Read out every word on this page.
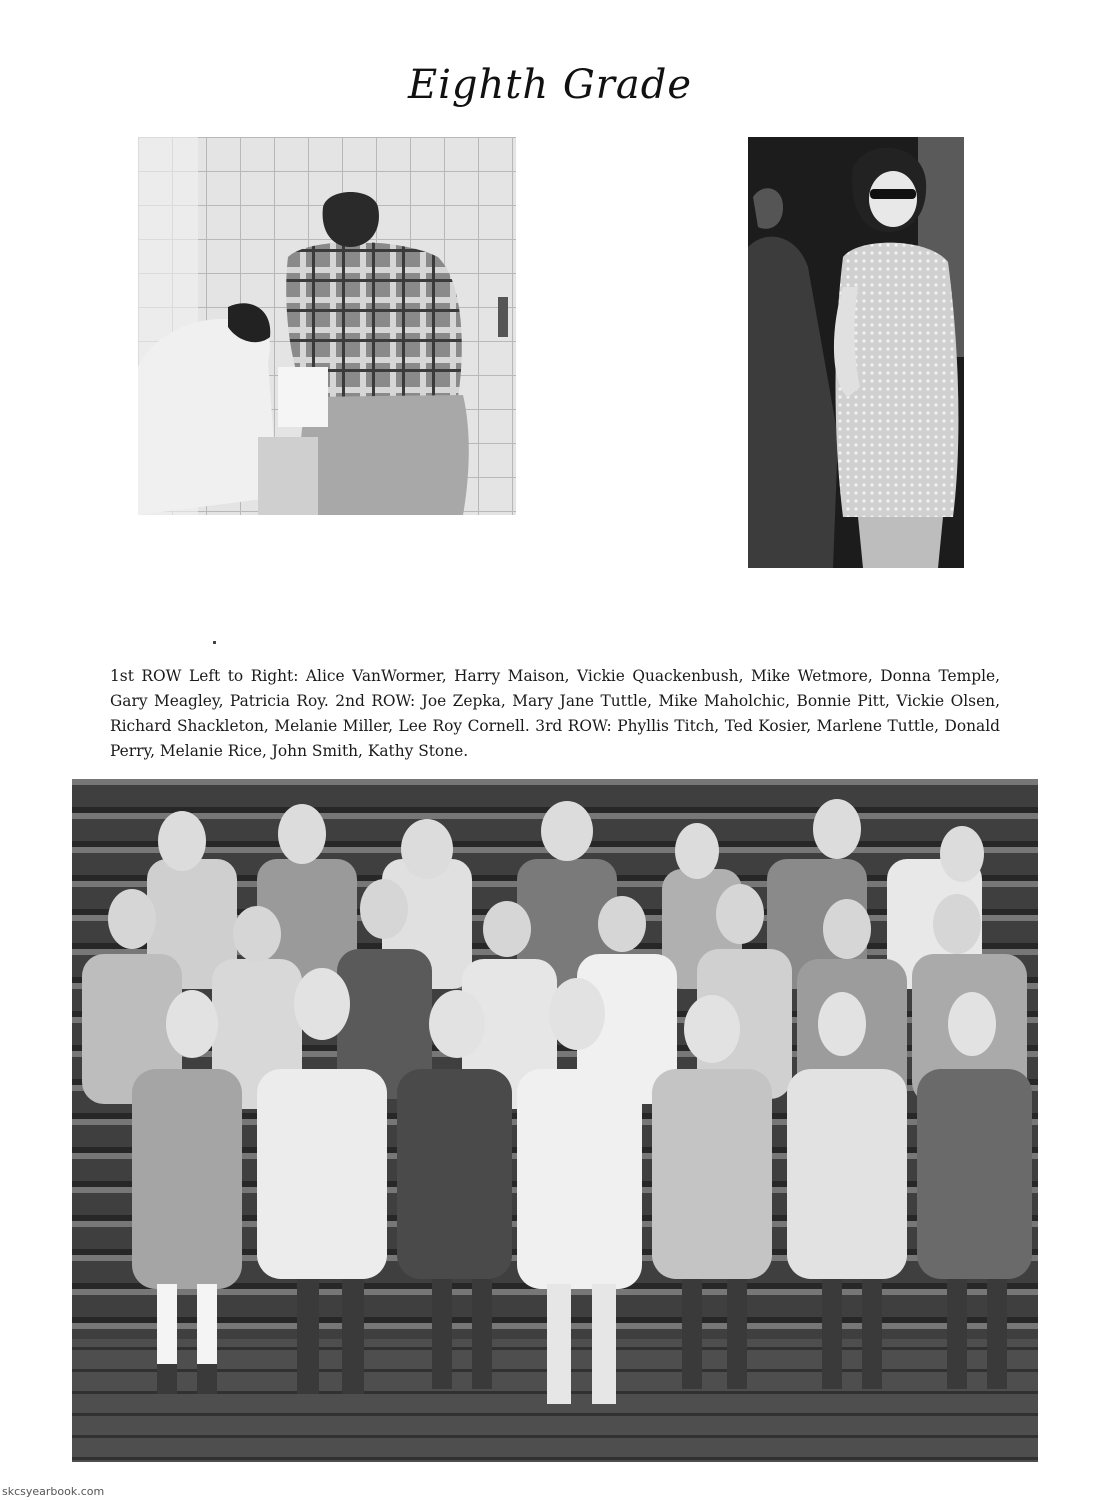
Eighth Grade
1st ROW Left to Right: Alice VanWormer, Harry Maison, Vickie Quackenbush, Mike Wetmore, Donna Temple, Gary Meagley, Patricia Roy. 2nd ROW: Joe Zepka, Mary Jane Tuttle, Mike Maholchic, Bonnie Pitt, Vickie Olsen, Richard Shackleton, Melanie Miller, Lee Roy Cornell. 3rd ROW: Phyllis Titch, Ted Kosier, Marlene Tuttle, Donald Perry, Melanie Rice, John Smith, Kathy Stone.
skcsyearbook.com
